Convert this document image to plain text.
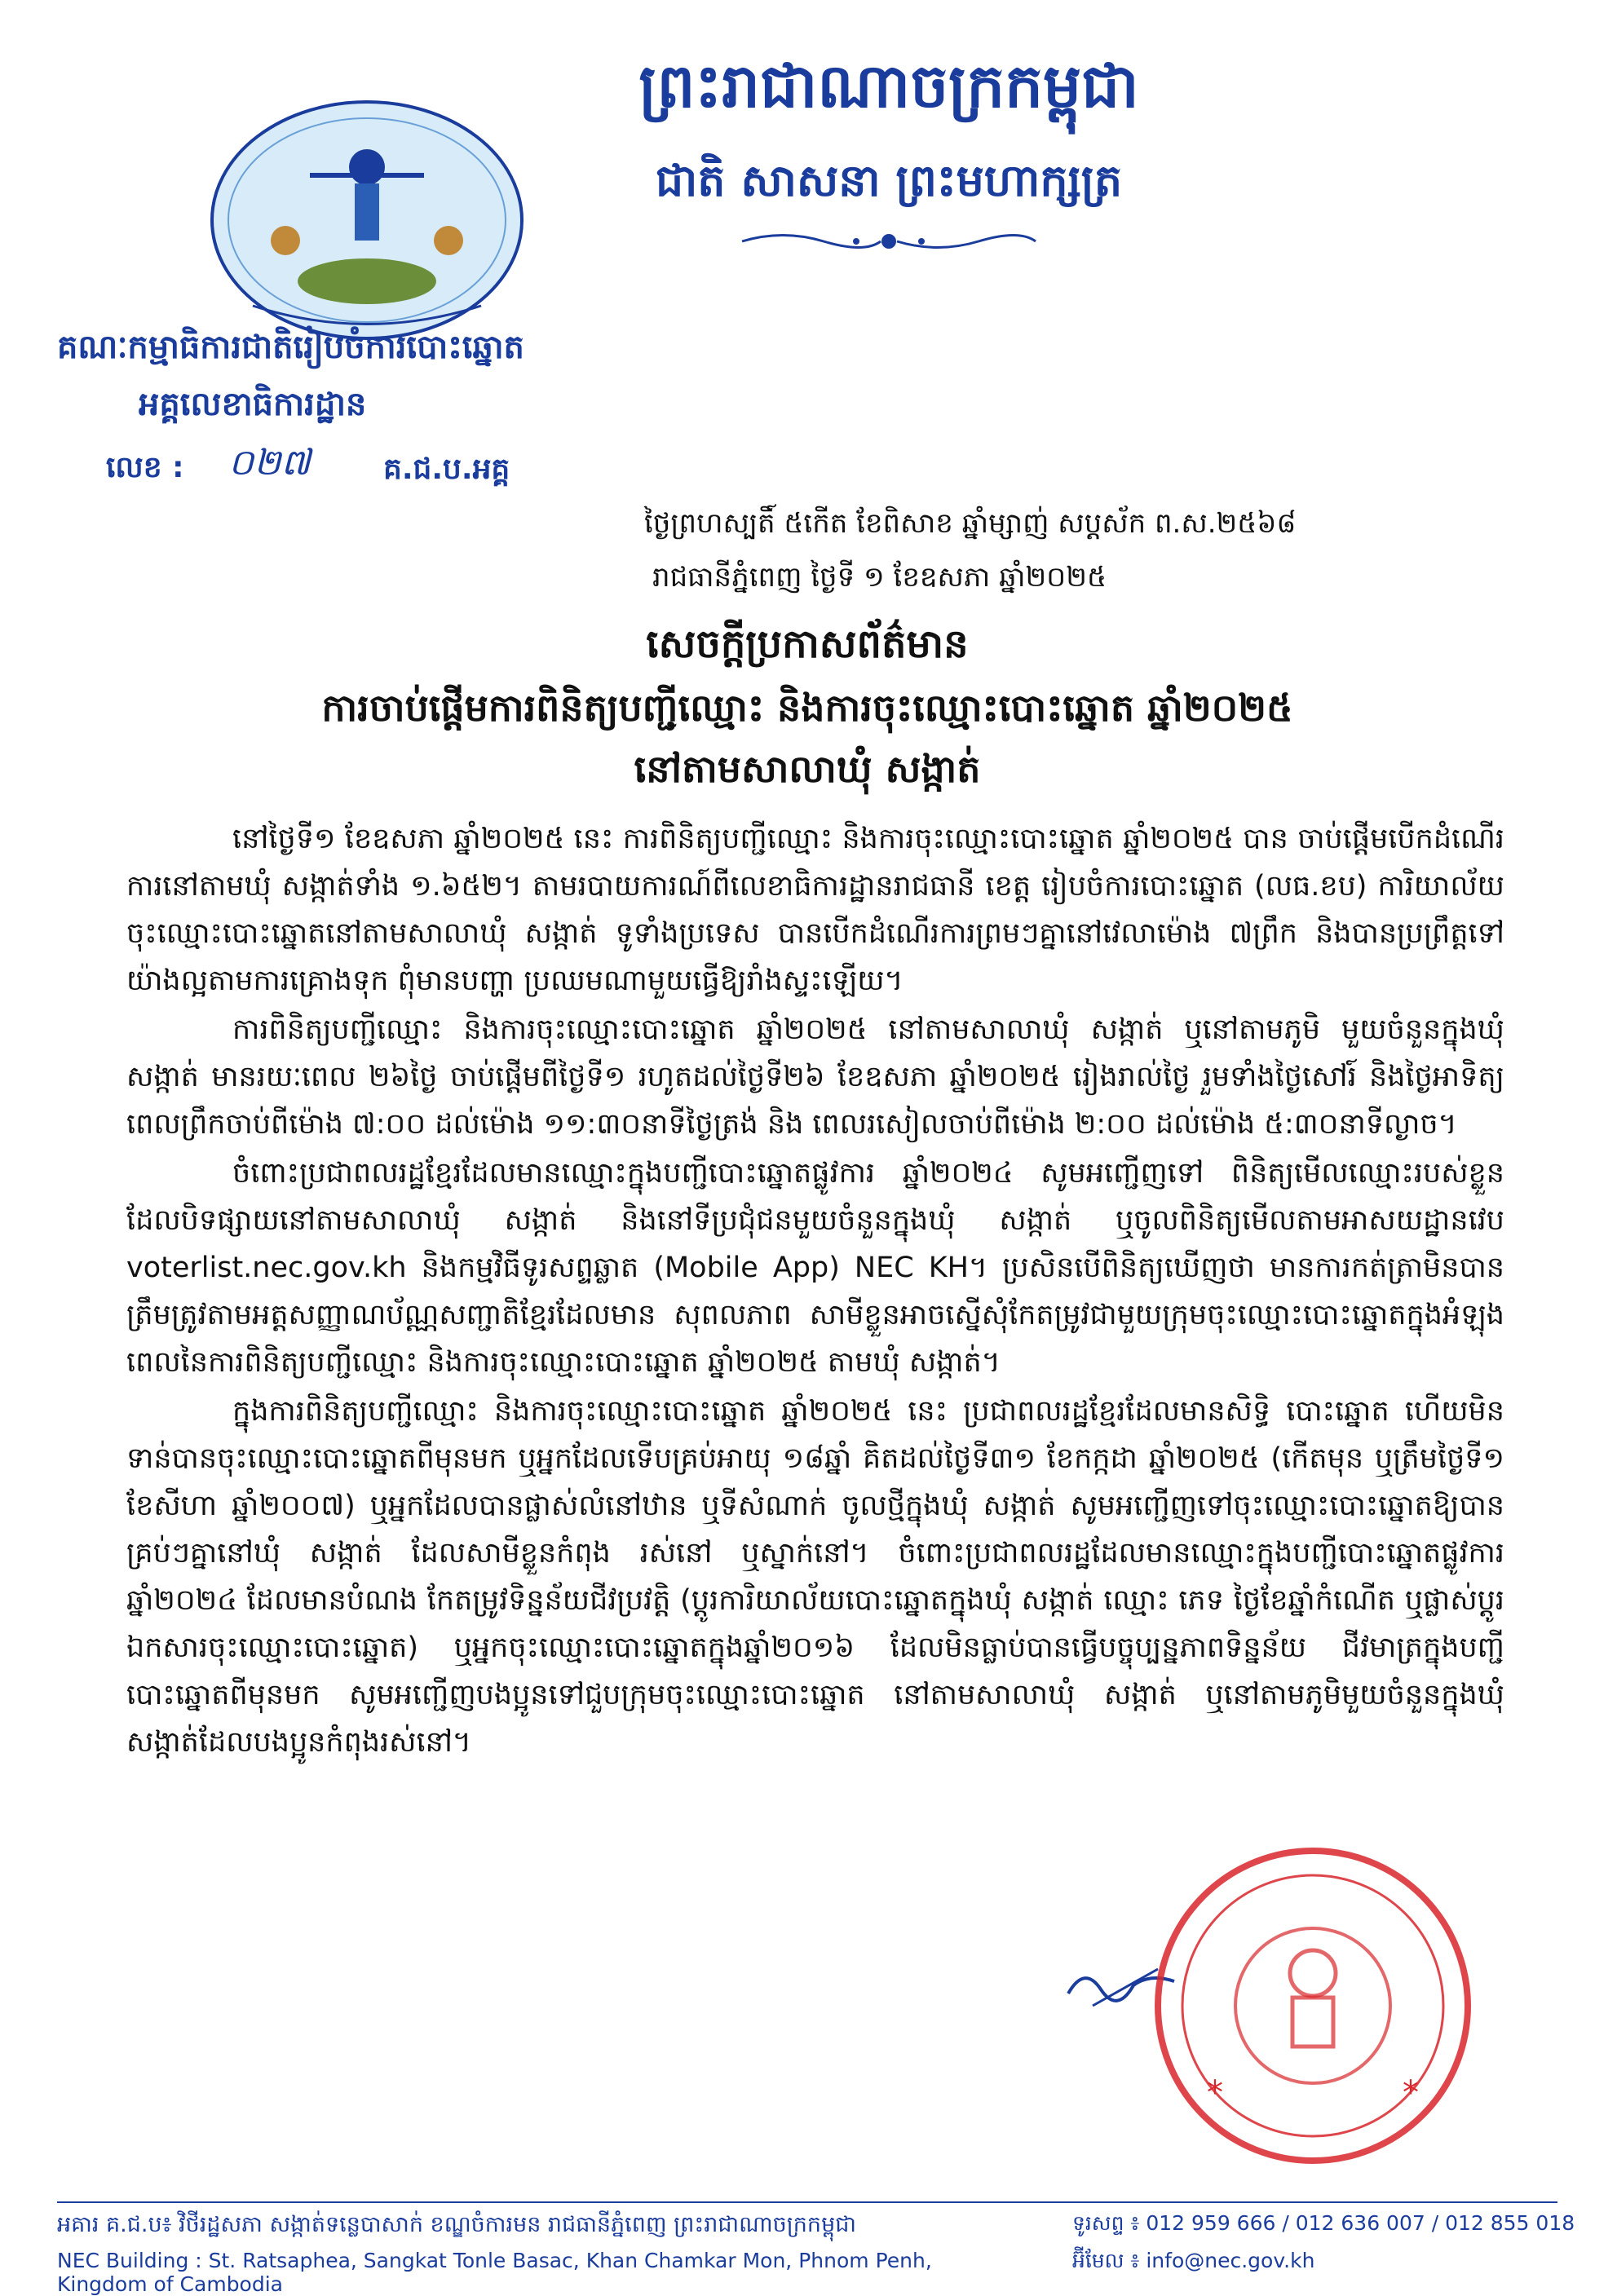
ព្រះរាជាណាចក្រកម្ពុជា
ជាតិ សាសនា ព្រះមហាក្សត្រ
គណៈកម្មាធិការជាតិរៀបចំការបោះឆ្នោត
អគ្គលេខាធិការដ្ឋាន
លេខ : ០២៧ គ.ជ.ប.អគ្គ
ថ្ងៃព្រហស្បតិ៍ ៥កើត ខែពិសាខ ឆ្នាំម្សាញ់ សប្តស័ក ព.ស.២៥៦៨
រាជធានីភ្នំពេញ ថ្ងៃទី ១ ខែឧសភា ឆ្នាំ២០២៥
សេចក្តីប្រកាសព័ត៌មាន
ការចាប់ផ្តើមការពិនិត្យបញ្ជីឈ្មោះ និងការចុះឈ្មោះបោះឆ្នោត ឆ្នាំ២០២៥
នៅតាមសាលាឃុំ សង្កាត់

នៅថ្ងៃទី១ ខែឧសភា ឆ្នាំ២០២៥ នេះ ការពិនិត្យបញ្ជីឈ្មោះ និងការចុះឈ្មោះបោះឆ្នោត ឆ្នាំ២០២៥ បាន ចាប់ផ្តើមបើកដំណើរការនៅតាមឃុំ សង្កាត់ទាំង ១.៦៥២។ តាមរបាយការណ៍ពីលេខាធិការដ្ឋានរាជធានី ខេត្ត រៀបចំការបោះឆ្នោត (លធ.ខប) ការិយាល័យចុះឈ្មោះបោះឆ្នោតនៅតាមសាលាឃុំ សង្កាត់ ទូទាំងប្រទេស បានបើកដំណើរការព្រមៗគ្នានៅវេលាម៉ោង ៧ព្រឹក និងបានប្រព្រឹត្តទៅយ៉ាងល្អតាមការគ្រោងទុក ពុំមានបញ្ហា ប្រឈមណាមួយធ្វើឱ្យរាំងស្ទះឡើយ។

ការពិនិត្យបញ្ជីឈ្មោះ និងការចុះឈ្មោះបោះឆ្នោត ឆ្នាំ២០២៥ នៅតាមសាលាឃុំ សង្កាត់ ឬនៅតាមភូមិ មួយចំនួនក្នុងឃុំ សង្កាត់ មានរយៈពេល ២៦ថ្ងៃ ចាប់ផ្តើមពីថ្ងៃទី១ រហូតដល់ថ្ងៃទី២៦ ខែឧសភា ឆ្នាំ២០២៥ រៀងរាល់ថ្ងៃ រួមទាំងថ្ងៃសៅរ៍ និងថ្ងៃអាទិត្យ ពេលព្រឹកចាប់ពីម៉ោង ៧:០០ ដល់ម៉ោង ១១:៣០នាទីថ្ងៃត្រង់ និង ពេលរសៀលចាប់ពីម៉ោង ២:០០ ដល់ម៉ោង ៥:៣០នាទីល្ងាច។

ចំពោះប្រជាពលរដ្ឋខ្មែរដែលមានឈ្មោះក្នុងបញ្ជីបោះឆ្នោតផ្លូវការ ឆ្នាំ២០២៤ សូមអញ្ជើញទៅ ពិនិត្យមើលឈ្មោះរបស់ខ្លួនដែលបិទផ្សាយនៅតាមសាលាឃុំ សង្កាត់ និងនៅទីប្រជុំជនមួយចំនួនក្នុងឃុំ សង្កាត់ ឬចូលពិនិត្យមើលតាមអាសយដ្ឋានវេប voterlist.nec.gov.kh និងកម្មវិធីទូរសព្ទឆ្លាត (Mobile App) NEC KH។ ប្រសិនបើពិនិត្យឃើញថា មានការកត់ត្រាមិនបានត្រឹមត្រូវតាមអត្តសញ្ញាណប័ណ្ណសញ្ជាតិខ្មែរដែលមាន សុពលភាព សាមីខ្លួនអាចស្នើសុំកែតម្រូវជាមួយក្រុមចុះឈ្មោះបោះឆ្នោតក្នុងអំឡុងពេលនៃការពិនិត្យបញ្ជីឈ្មោះ និងការចុះឈ្មោះបោះឆ្នោត ឆ្នាំ២០២៥ តាមឃុំ សង្កាត់។

ក្នុងការពិនិត្យបញ្ជីឈ្មោះ និងការចុះឈ្មោះបោះឆ្នោត ឆ្នាំ២០២៥ នេះ ប្រជាពលរដ្ឋខ្មែរដែលមានសិទ្ធិ បោះឆ្នោត ហើយមិនទាន់បានចុះឈ្មោះបោះឆ្នោតពីមុនមក ឬអ្នកដែលទើបគ្រប់អាយុ ១៨ឆ្នាំ គិតដល់ថ្ងៃទី៣១ ខែកក្កដា ឆ្នាំ២០២៥ (កើតមុន ឬត្រឹមថ្ងៃទី១ ខែសីហា ឆ្នាំ២០០៧) ឬអ្នកដែលបានផ្លាស់លំនៅឋាន ឬទីសំណាក់ ចូលថ្មីក្នុងឃុំ សង្កាត់ សូមអញ្ជើញទៅចុះឈ្មោះបោះឆ្នោតឱ្យបានគ្រប់ៗគ្នានៅឃុំ សង្កាត់ ដែលសាមីខ្លួនកំពុង រស់នៅ ឬស្នាក់នៅ។ ចំពោះប្រជាពលរដ្ឋដែលមានឈ្មោះក្នុងបញ្ជីបោះឆ្នោតផ្លូវការ ឆ្នាំ២០២៤ ដែលមានបំណង កែតម្រូវទិន្នន័យជីវប្រវត្តិ (ប្តូរការិយាល័យបោះឆ្នោតក្នុងឃុំ សង្កាត់ ឈ្មោះ ភេទ ថ្ងៃខែឆ្នាំកំណើត ឬផ្លាស់ប្តូរ ឯកសារចុះឈ្មោះបោះឆ្នោត) ឬអ្នកចុះឈ្មោះបោះឆ្នោតក្នុងឆ្នាំ២០១៦ ដែលមិនធ្លាប់បានធ្វើបច្ចុប្បន្នភាពទិន្នន័យ ជីវមាត្រក្នុងបញ្ជីបោះឆ្នោតពីមុនមក សូមអញ្ជើញបងប្អូនទៅជួបក្រុមចុះឈ្មោះបោះឆ្នោត នៅតាមសាលាឃុំ សង្កាត់ ឬនៅតាមភូមិមួយចំនួនក្នុងឃុំ សង្កាត់ដែលបងប្អូនកំពុងរស់នៅ។

*	*
អគារ គ.ជ.ប៖ វិថីរដ្ឋសភា សង្កាត់ទន្លេបាសាក់ ខណ្ឌចំការមន រាជធានីភ្នំពេញ ព្រះរាជាណាចក្រកម្ពុជា
NEC Building : St. Ratsaphea, Sangkat Tonle Basac, Khan Chamkar Mon, Phnom Penh, Kingdom of Cambodia
ទូរសព្ទ ៖ 012 959 666 / 012 636 007 / 012 855 018
អ៊ីមែល ៖ info@nec.gov.kh
